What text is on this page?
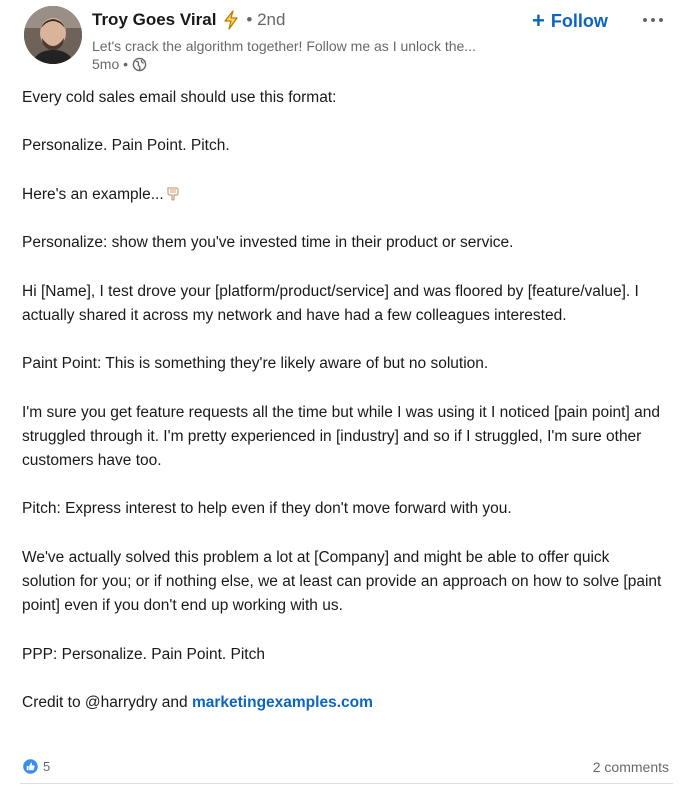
Troy Goes Viral • 2nd
Let's crack the algorithm together! Follow me as I unlock the...
5mo •
+ Follow

Every cold sales email should use this format:

Personalize. Pain Point. Pitch.

Here's an example...

Personalize: show them you've invested time in their product or service.

Hi [Name], I test drove your [platform/product/service] and was floored by [feature/value]. I actually shared it across my network and have had a few colleagues interested.

Paint Point: This is something they're likely aware of but no solution.

I'm sure you get feature requests all the time but while I was using it I noticed [pain point] and struggled through it. I'm pretty experienced in [industry] and so if I struggled, I'm sure other customers have too.

Pitch: Express interest to help even if they don't move forward with you.

We've actually solved this problem a lot at [Company] and might be able to offer quick solution for you; or if nothing else, we at least can provide an approach on how to solve [paint point] even if you don't end up working with us.

PPP: Personalize. Pain Point. Pitch

Credit to @harrydry and marketingexamples.com

5	2 comments
